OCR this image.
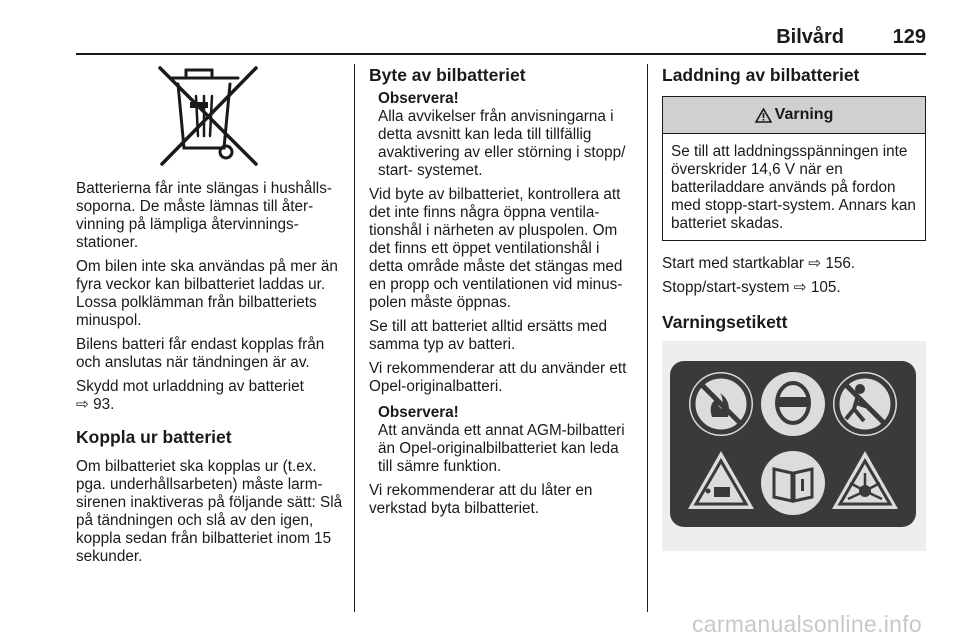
Bilvård 129

Batterierna får inte slängas i hushålls-soporna. De måste lämnas till åter-vinning på lämpliga återvinnings-stationer.

Om bilen inte ska användas på mer än fyra veckor kan bilbatteriet laddas ur. Lossa polklämman från bilbatteriets minuspol.

Bilens batteri får endast kopplas från och anslutas när tändningen är av.

Skydd mot urladdning av batteriet
⇨ 93.

Koppla ur batteriet

Om bilbatteriet ska kopplas ur (t.ex. pga. underhållsarbeten) måste larm-sirenen inaktiveras på följande sätt: Slå på tändningen och slå av den igen, koppla sedan från bilbatteriet inom 15 sekunder.

Byte av bilbatteriet
Observera!

Alla avvikelser från anvisningarna i detta avsnitt kan leda till tillfällig avaktivering av eller störning i stopp/ start- systemet.

Vid byte av bilbatteriet, kontrollera att det inte finns några öppna ventila-tionshål i närheten av pluspolen. Om det finns ett öppet ventilationshål i detta område måste det stängas med en propp och ventilationen vid minus-polen måste öppnas.

Se till att batteriet alltid ersätts med samma typ av batteri.

Vi rekommenderar att du använder ett Opel-originalbatteri.

Observera!

Att använda ett annat AGM-bilbatteri än Opel-originalbilbatteriet kan leda till sämre funktion.

Vi rekommenderar att du låter en verkstad byta bilbatteriet.

Laddning av bilbatteriet
Varning

Se till att laddningsspänningen inte överskrider 14,6 V när en batteriladdare används på fordon med stopp-start-system. Annars kan batteriet skadas.

Start med startkablar ⇨ 156.

Stopp/start-system ⇨ 105.

Varningsetikett
carmanualsonline.info
